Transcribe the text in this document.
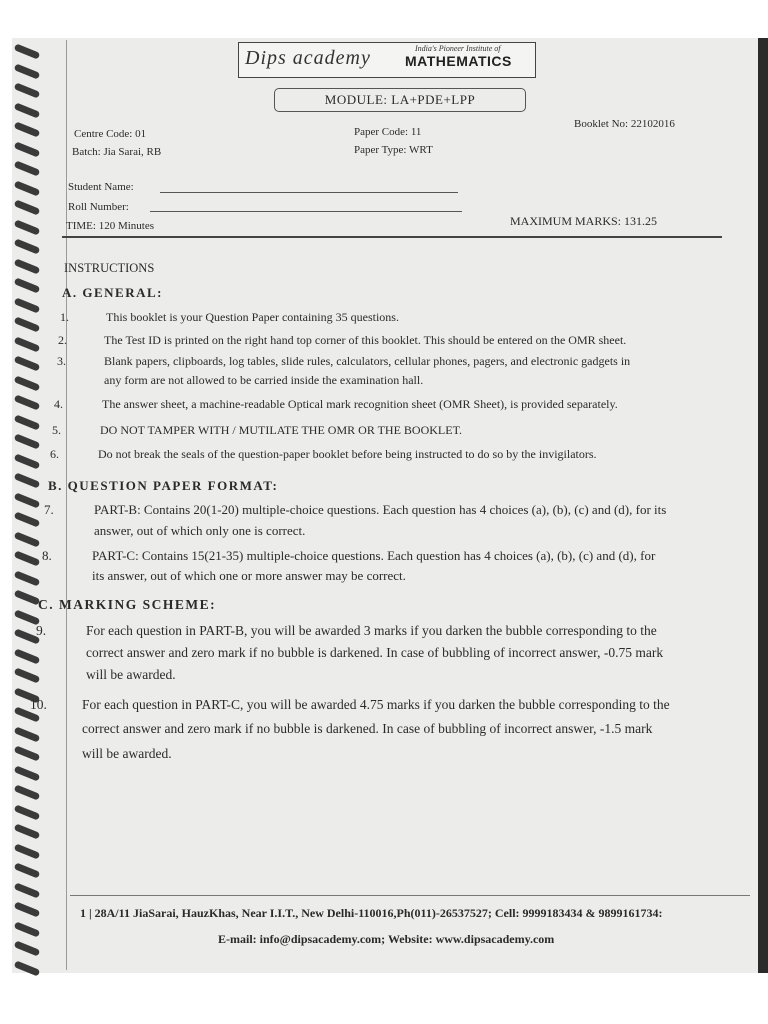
Dips academy	India's Pioneer Institute of
MATHEMATICS
MODULE: LA+PDE+LPP
Centre Code: 01
Batch: Jia Sarai, RB
Paper Code: 11
Paper Type: WRT
Booklet No: 22102016
Student Name:
Roll Number:
TIME: 120 Minutes	MAXIMUM MARKS: 131.25
INSTRUCTIONS
A. GENERAL:
1.	This booklet is your Question Paper containing 35 questions.
2.	The Test ID is printed on the right hand top corner of this booklet. This should be entered on the OMR sheet.
3.	Blank papers, clipboards, log tables, slide rules, calculators, cellular phones, pagers, and electronic gadgets in
any form are not allowed to be carried inside the examination hall.
4.	The answer sheet, a machine-readable Optical mark recognition sheet (OMR Sheet), is provided separately.
5.	DO NOT TAMPER WITH / MUTILATE THE OMR OR THE BOOKLET.
6.	Do not break the seals of the question-paper booklet before being instructed to do so by the invigilators.
7.	PART-B: Contains 20(1-20) multiple-choice questions. Each question has 4 choices (a), (b), (c) and (d), for its
answer, out of which only one is correct.
8.	PART-C: Contains 15(21-35) multiple-choice questions. Each question has 4 choices (a), (b), (c) and (d), for
its answer, out of which one or more answer may be correct.
9.	For each question in PART-B, you will be awarded 3 marks if you darken the bubble corresponding to the
correct answer and zero mark if no bubble is darkened. In case of bubbling of incorrect answer, -0.75 mark
will be awarded.
10.	For each question in PART-C, you will be awarded 4.75 marks if you darken the bubble corresponding to the
correct answer and zero mark if no bubble is darkened. In case of bubbling of incorrect answer, -1.5 mark
will be awarded.
B. QUESTION PAPER FORMAT:
C. MARKING SCHEME:
1 | 28A/11 JiaSarai, HauzKhas, Near I.I.T., New Delhi-110016,Ph(011)-26537527; Cell: 9999183434 & 9899161734:
E-mail: info@dipsacademy.com; Website: www.dipsacademy.com
